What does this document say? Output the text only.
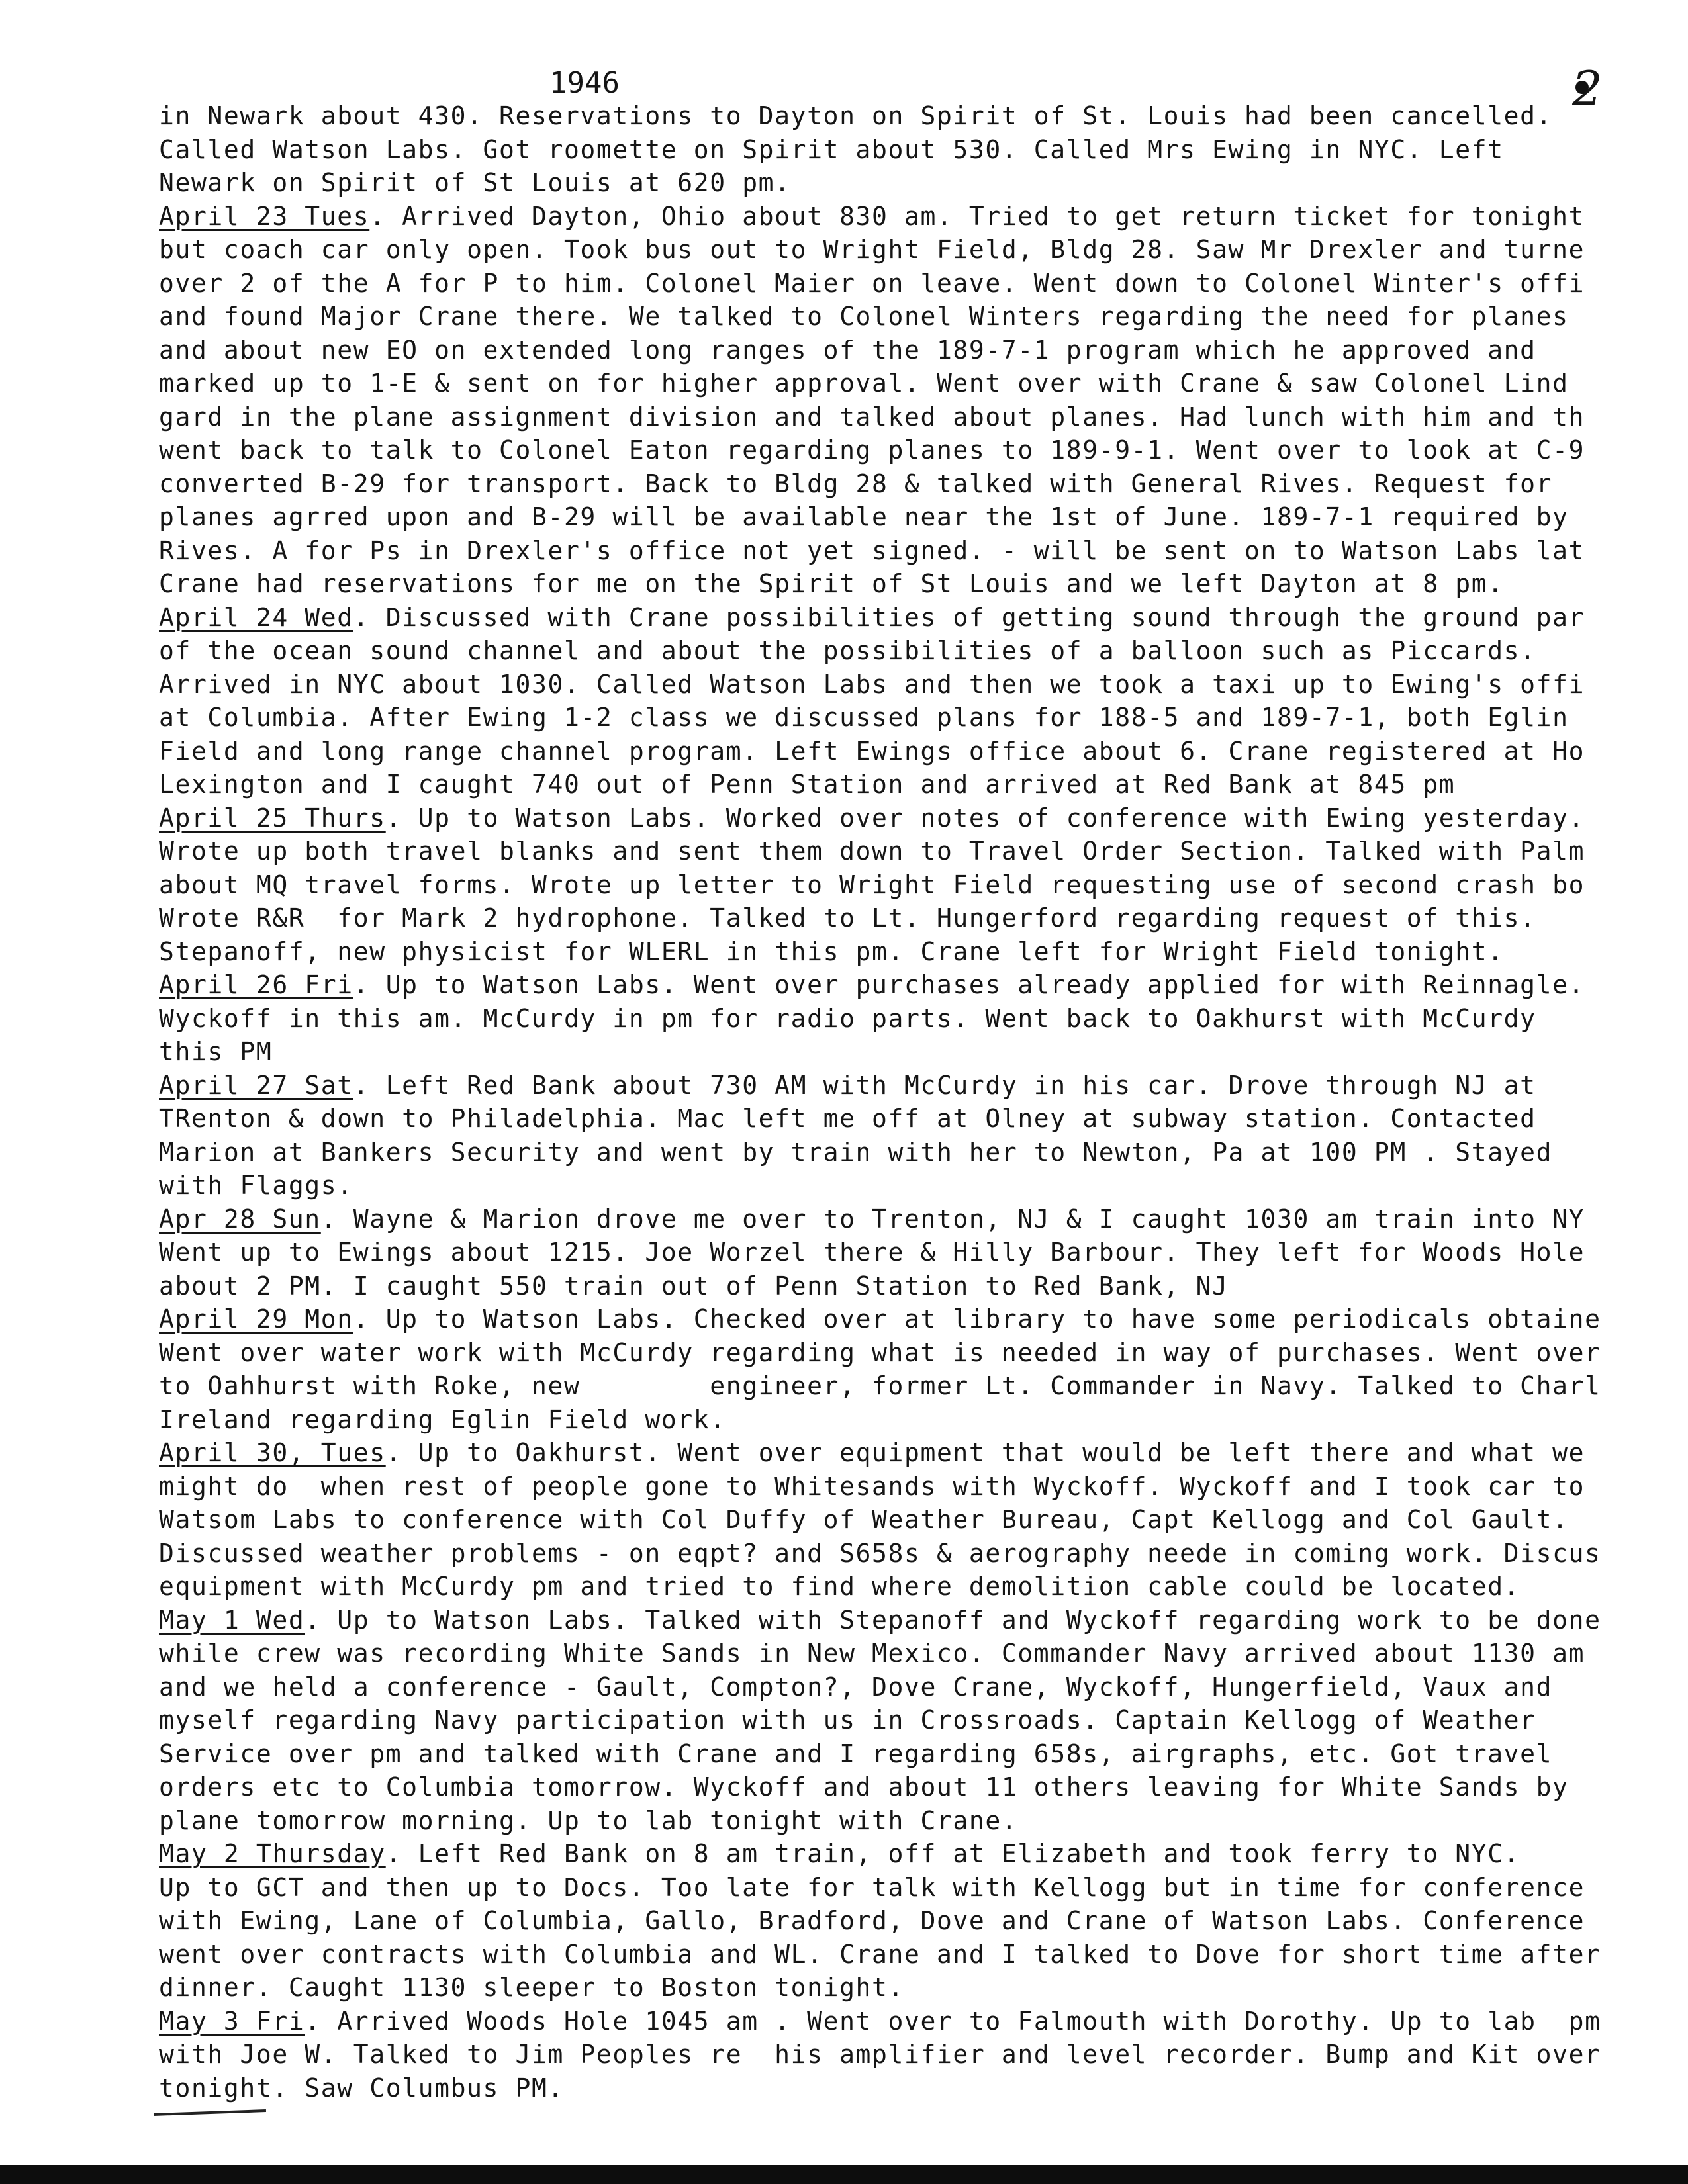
1946	2
in Newark about 430. Reservations to Dayton on Spirit of St. Louis had been cancelled.
Called Watson Labs. Got roomette on Spirit about 530. Called Mrs Ewing in NYC. Left
Newark on Spirit of St Louis at 620 pm.
April 23 Tues. Arrived Dayton, Ohio about 830 am. Tried to get return ticket for tonight
but coach car only open. Took bus out to Wright Field, Bldg 28. Saw Mr Drexler and turne
over 2 of the A for P to him. Colonel Maier on leave. Went down to Colonel Winter's offi
and found Major Crane there. We talked to Colonel Winters regarding the need for planes
and about new EO on extended long ranges of the 189-7-1 program which he approved and
marked up to 1-E & sent on for higher approval. Went over with Crane & saw Colonel Lind
gard in the plane assignment division and talked about planes. Had lunch with him and th
went back to talk to Colonel Eaton regarding planes to 189-9-1. Went over to look at C-9
converted B-29 for transport. Back to Bldg 28 & talked with General Rives. Request for
planes agrred upon and B-29 will be available near the 1st of June. 189-7-1 required by
Rives. A for Ps in Drexler's office not yet signed. - will be sent on to Watson Labs lat
Crane had reservations for me on the Spirit of St Louis and we left Dayton at 8 pm.
April 24 Wed. Discussed with Crane possibilities of getting sound through the ground par
of the ocean sound channel and about the possibilities of a balloon such as Piccards.
Arrived in NYC about 1030. Called Watson Labs and then we took a taxi up to Ewing's offi
at Columbia. After Ewing 1-2 class we discussed plans for 188-5 and 189-7-1, both Eglin
Field and long range channel program. Left Ewings office about 6. Crane registered at Ho
Lexington and I caught 740 out of Penn Station and arrived at Red Bank at 845 pm
April 25 Thurs. Up to Watson Labs. Worked over notes of conference with Ewing yesterday.
Wrote up both travel blanks and sent them down to Travel Order Section. Talked with Palm
about MQ travel forms. Wrote up letter to Wright Field requesting use of second crash bo
Wrote R&R  for Mark 2 hydrophone. Talked to Lt. Hungerford regarding request of this.
Stepanoff, new physicist for WLERL in this pm. Crane left for Wright Field tonight.
April 26 Fri. Up to Watson Labs. Went over purchases already applied for with Reinnagle.
Wyckoff in this am. McCurdy in pm for radio parts. Went back to Oakhurst with McCurdy
this PM
April 27 Sat. Left Red Bank about 730 AM with McCurdy in his car. Drove through NJ at
TRenton & down to Philadelphia. Mac left me off at Olney at subway station. Contacted
Marion at Bankers Security and went by train with her to Newton, Pa at 100 PM . Stayed
with Flaggs.
Apr 28 Sun. Wayne & Marion drove me over to Trenton, NJ & I caught 1030 am train into NY
Went up to Ewings about 1215. Joe Worzel there & Hilly Barbour. They left for Woods Hole
about 2 PM. I caught 550 train out of Penn Station to Red Bank, NJ
April 29 Mon. Up to Watson Labs. Checked over at library to have some periodicals obtaine
Went over water work with McCurdy regarding what is needed in way of purchases. Went over
to Oahhurst with Roke, new        engineer, former Lt. Commander in Navy. Talked to Charl
Ireland regarding Eglin Field work.
April 30, Tues. Up to Oakhurst. Went over equipment that would be left there and what we
might do  when rest of people gone to Whitesands with Wyckoff. Wyckoff and I took car to
Watsom Labs to conference with Col Duffy of Weather Bureau, Capt Kellogg and Col Gault.
Discussed weather problems - on eqpt? and S658s & aerography neede in coming work. Discus
equipment with McCurdy pm and tried to find where demolition cable could be located.
May 1 Wed. Up to Watson Labs. Talked with Stepanoff and Wyckoff regarding work to be done
while crew was recording White Sands in New Mexico. Commander Navy arrived about 1130 am
and we held a conference - Gault, Compton?, Dove Crane, Wyckoff, Hungerfield, Vaux and
myself regarding Navy participation with us in Crossroads. Captain Kellogg of Weather
Service over pm and talked with Crane and I regarding 658s, airgraphs, etc. Got travel
orders etc to Columbia tomorrow. Wyckoff and about 11 others leaving for White Sands by
plane tomorrow morning. Up to lab tonight with Crane.
May 2 Thursday. Left Red Bank on 8 am train, off at Elizabeth and took ferry to NYC.
Up to GCT and then up to Docs. Too late for talk with Kellogg but in time for conference
with Ewing, Lane of Columbia, Gallo, Bradford, Dove and Crane of Watson Labs. Conference
went over contracts with Columbia and WL. Crane and I talked to Dove for short time after
dinner. Caught 1130 sleeper to Boston tonight.
May 3 Fri. Arrived Woods Hole 1045 am . Went over to Falmouth with Dorothy. Up to lab  pm
with Joe W. Talked to Jim Peoples re  his amplifier and level recorder. Bump and Kit over
tonight. Saw Columbus PM.
